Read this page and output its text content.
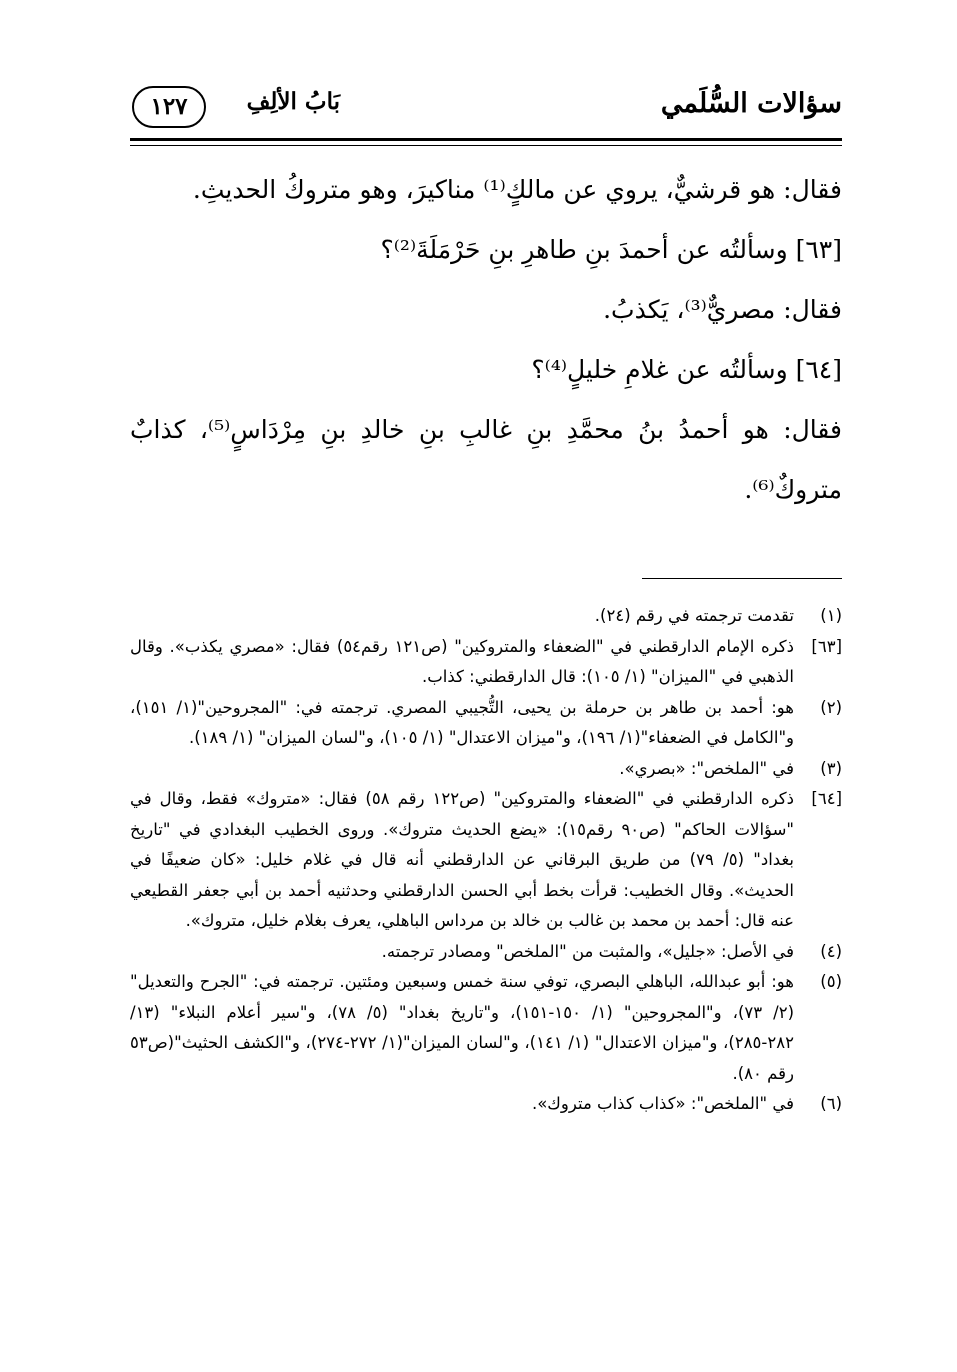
سؤالات السُّلَمي
بَابُ الألِفِ
١٢٧

فقال: هو قرشيٌّ، يروي عن مالكٍ⁽¹⁾ مناكيرَ، وهو متروكُ الحديثِ.

[٦٣] وسألتُه عن أحمدَ بنِ طاهرِ بنِ حَرْمَلَةَ⁽²⁾؟

فقال: مصريٌّ⁽³⁾، يَكذبُ.

[٦٤] وسألتُه عن غلامِ خليلٍ⁽⁴⁾؟

فقال: هو أحمدُ بنُ محمَّدِ بنِ غالبِ بنِ خالدِ بنِ مِرْدَاسٍ⁽⁵⁾، كذابٌ متروكٌ⁽⁶⁾.

(١)
تقدمت ترجمته في رقم (٢٤).
[٦٣]
ذكره الإمام الدارقطني في "الضعفاء والمتروكين" (ص١٢١ رقم٥٤) فقال: «مصري يكذب». وقال الذهبي في "الميزان" (١/ ١٠٥): قال الدارقطني: كذاب.
(٢)
هو: أحمد بن طاهر بن حرملة بن يحيى، التُّجيبي المصري. ترجمته في: "المجروحين"(١/ ١٥١)، و"الكامل في الضعفاء"(١/ ١٩٦)، و"ميزان الاعتدال" (١/ ١٠٥)، و"لسان الميزان" (١/ ١٨٩).
(٣)
في "الملخص": «بصري».
[٦٤]
ذكره الدارقطني في "الضعفاء والمتروكين" (ص١٢٢ رقم ٥٨) فقال: «متروك» فقط، وقال في "سؤالات الحاكم" (ص٩٠ رقم١٥): «يضع الحديث متروك». وروى الخطيب البغدادي في "تاريخ بغداد" (٥/ ٧٩) من طريق البرقاني عن الدارقطني أنه قال في غلام خليل: «كان ضعيفًا في الحديث». وقال الخطيب: قرأت بخط أبي الحسن الدارقطني وحدثنيه أحمد بن أبي جعفر القطيعي عنه قال: أحمد بن محمد بن غالب بن خالد بن مرداس الباهلي، يعرف بغلام خليل، متروك».
(٤)
في الأصل: «جليل»، والمثبت من "الملخص" ومصادر ترجمته.
(٥)
هو: أبو عبدالله، الباهلي البصري، توفي سنة خمس وسبعين ومئتين. ترجمته في: "الجرح والتعديل" (٢/ ٧٣)، و"المجروحين" (١/ ١٥٠-١٥١)، و"تاريخ بغداد" (٥/ ٧٨)، و"سير أعلام النبلاء" (١٣/ ٢٨٢-٢٨٥)، و"ميزان الاعتدال" (١/ ١٤١)، و"لسان الميزان"(١/ ٢٧٢-٢٧٤)، و"الكشف الحثيث"(ص٥٣ رقم ٨٠).
(٦)
في "الملخص": «كذاب كذاب متروك».
